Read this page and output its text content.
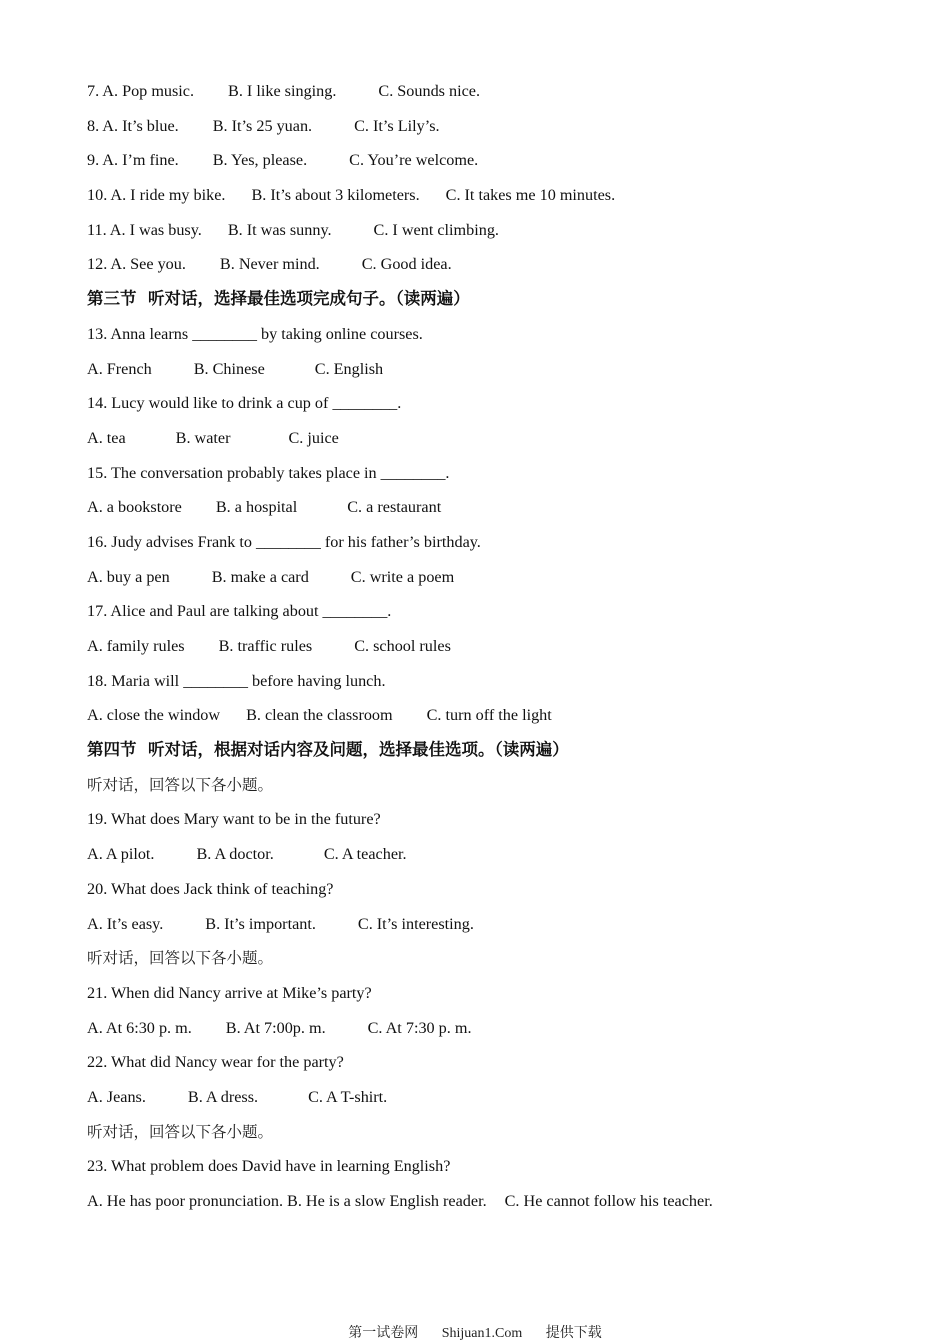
7. A. Pop music. B. I like singing.	C. Sounds nice.
8. A. It’s blue. B. It’s 25 yuan.	C. It’s Lily’s.
9. A. I’m fine. B. Yes, please.	C. You’re welcome.
10. A. I ride my bike. B. It’s about 3 kilometers. C. It takes me 10 minutes.
11. A. I was busy. B. It was sunny.	C. I went climbing.
12. A. See you. B. Never mind.	C. Good idea.
第三节  听对话，选择最佳选项完成句子。（读两遍）
13. Anna learns ________ by taking online courses.
A. French	B. Chinese	C. English
14. Lucy would like to drink a cup of ________.
A. tea	B. water	C. juice
15. The conversation probably takes place in ________.
A. a bookstore B. a hospital	C. a restaurant
16. Judy advises Frank to ________ for his father’s birthday.
A. buy a pen	B. make a card	C. write a poem
17. Alice and Paul are talking about ________.
A. family rules B. traffic rules	C. school rules
18. Maria will ________ before having lunch.
A. close the window B. clean the classroom C. turn off the light
第四节  听对话，根据对话内容及问题，选择最佳选项。（读两遍）
听对话，回答以下各小题。
19. What does Mary want to be in the future?
A. A pilot.	B. A doctor.	C. A teacher.
20. What does Jack think of teaching?
A. It’s easy.	B. It’s important.	C. It’s interesting.
听对话，回答以下各小题。
21. When did Nancy arrive at Mike’s party?
A. At 6:30 p. m. B. At 7:00p. m.	C. At 7:30 p. m.
22. What did Nancy wear for the party?
A. Jeans.	B. A dress.	C. A T-shirt.
听对话，回答以下各小题。
23. What problem does David have in learning English?
A. He has poor pronunciation. B. He is a slow English reader. C. He cannot follow his teacher.
第一试卷网 Shijuan1.Com 提供下载
